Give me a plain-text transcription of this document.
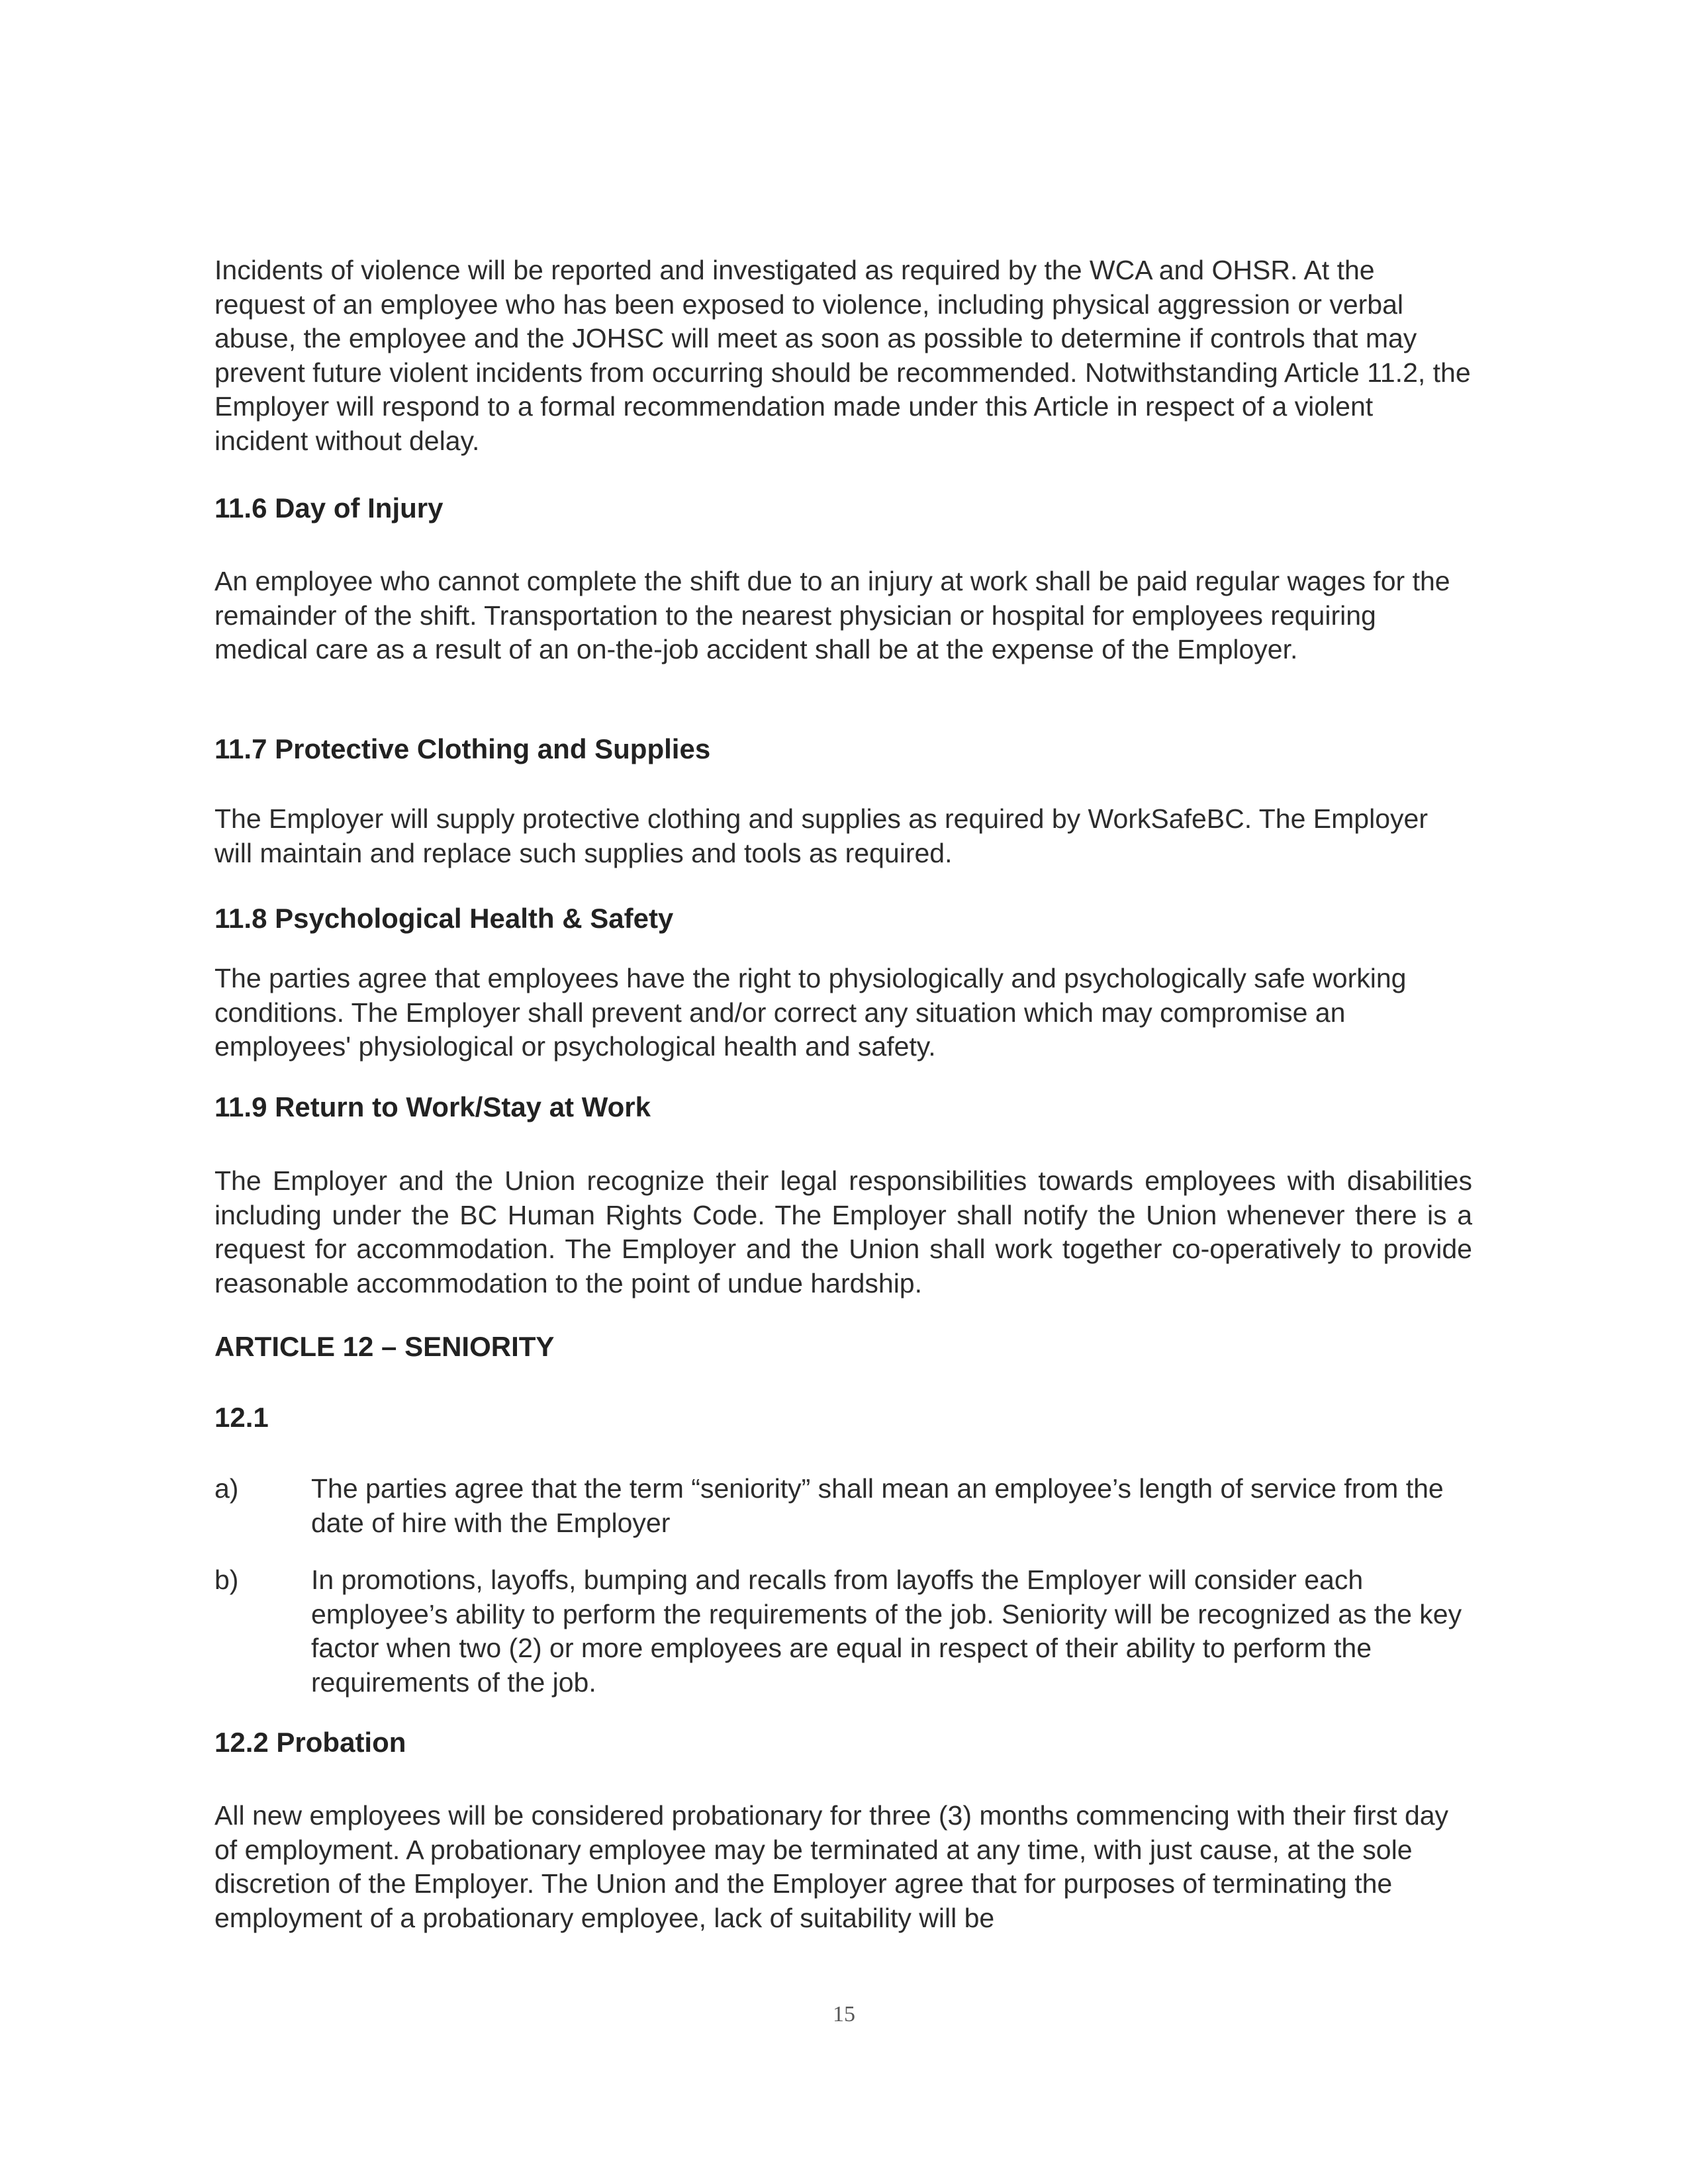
Incidents of violence will be reported and investigated as required by the WCA and OHSR. At the request of an employee who has been exposed to violence, including physical aggression or verbal abuse, the employee and the JOHSC will meet as soon as possible to determine if controls that may prevent future violent incidents from occurring should be recommended. Notwithstanding Article 11.2, the Employer will respond to a formal recommendation made under this Article in respect of a violent incident without delay.

11.6 Day of Injury

An employee who cannot complete the shift due to an injury at work shall be paid regular wages for the remainder of the shift. Transportation to the nearest physician or hospital for employees requiring medical care as a result of an on-the-job accident shall be at the expense of the Employer.

11.7 Protective Clothing and Supplies

The Employer will supply protective clothing and supplies as required by WorkSafeBC. The Employer will maintain and replace such supplies and tools as required.

11.8 Psychological Health & Safety

The parties agree that employees have the right to physiologically and psychologically safe working conditions. The Employer shall prevent and/or correct any situation which may compromise an employees' physiological or psychological health and safety.

11.9 Return to Work/Stay at Work

The Employer and the Union recognize their legal responsibilities towards employees with disabilities including under the BC Human Rights Code. The Employer shall notify the Union whenever there is a request for accommodation. The Employer and the Union shall work together co-operatively to provide reasonable accommodation to the point of undue hardship.

ARTICLE 12 – SENIORITY
12.1
a)	The parties agree that the term “seniority” shall mean an employee’s length of service from the date of hire with the Employer

b)	In promotions, layoffs, bumping and recalls from layoffs the Employer will consider each employee’s ability to perform the requirements of the job. Seniority will be recognized as the key factor when two (2) or more employees are equal in respect of their ability to perform the requirements of the job.

12.2 Probation

All new employees will be considered probationary for three (3) months commencing with their first day of employment. A probationary employee may be terminated at any time, with just cause, at the sole discretion of the Employer. The Union and the Employer agree that for purposes of terminating the employment of a probationary employee, lack of suitability will be

15
